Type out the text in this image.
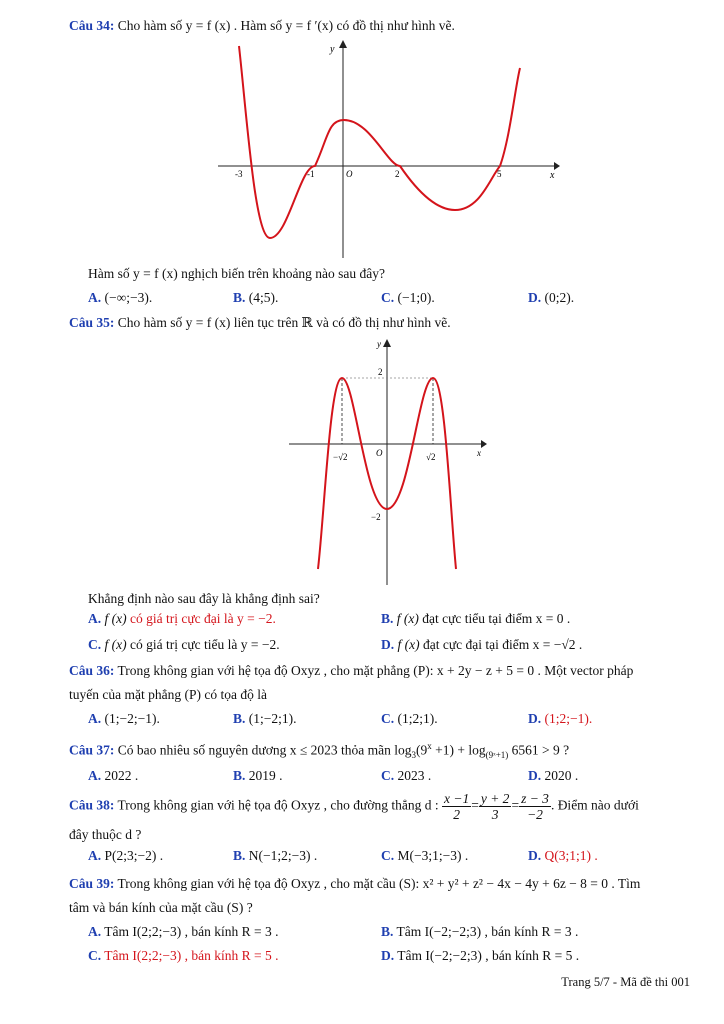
Câu 34: Cho hàm số y = f (x) . Hàm số y = f ′(x) có đồ thị như hình vẽ.
y
x
-3	-1	O	2	5
Hàm số y = f (x) nghịch biến trên khoảng nào sau đây?
A. (−∞;−3).	B. (4;5).	C. (−1;0).	D. (0;2).
Câu 35: Cho hàm số y = f (x) liên tục trên ℝ và có đồ thị như hình vẽ.
y
x
O
2
−2
−√2	√2
Khẳng định nào sau đây là khẳng định sai?
A. f (x) có giá trị cực đại là y = −2.	B. f (x) đạt cực tiểu tại điểm x = 0 .
C. f (x) có giá trị cực tiểu là y = −2.	D. f (x) đạt cực đại tại điểm x = −√2 .
Câu 36: Trong không gian với hệ tọa độ Oxyz , cho mặt phẳng (P): x + 2y − z + 5 = 0 . Một vector pháp
tuyến của mặt phẳng (P) có tọa độ là
A. (1;−2;−1).	B. (1;−2;1).	C. (1;2;1).	D. (1;2;−1).
Câu 37: Có bao nhiêu số nguyên dương x ≤ 2023 thỏa mãn $\log_3(9^x +1) + \log_{(9ˣ+1)} 6561 > 9$ ?
A. 2022 .	B. 2019 .	C. 2023 .	D. 2020 .
Câu 38: Trong không gian với hệ tọa độ Oxyz , cho đường thẳng d : $\frac{x -1}{2} = \frac{y + 2}{3} = \frac{z - 3}{-2}$ . Điểm nào dưới
đây thuộc d ?
A. P(2;3;−2) .	B. N(−1;2;−3) .	C. M(−3;1;−3) .	D. Q(3;1;1) .
Câu 39: Trong không gian với hệ tọa độ Oxyz , cho mặt cầu (S): x² + y² + z² − 4x − 4y + 6z − 8 = 0 . Tìm
tâm và bán kính của mặt cầu (S) ?
A. Tâm I(2;2;−3) , bán kính R = 3 .	B. Tâm I(−2;−2;3) , bán kính R = 3 .
C. Tâm I(2;2;−3) , bán kính R = 5 .	D. Tâm I(−2;−2;3) , bán kính R = 5 .
Trang 5/7 - Mã đề thi 001
